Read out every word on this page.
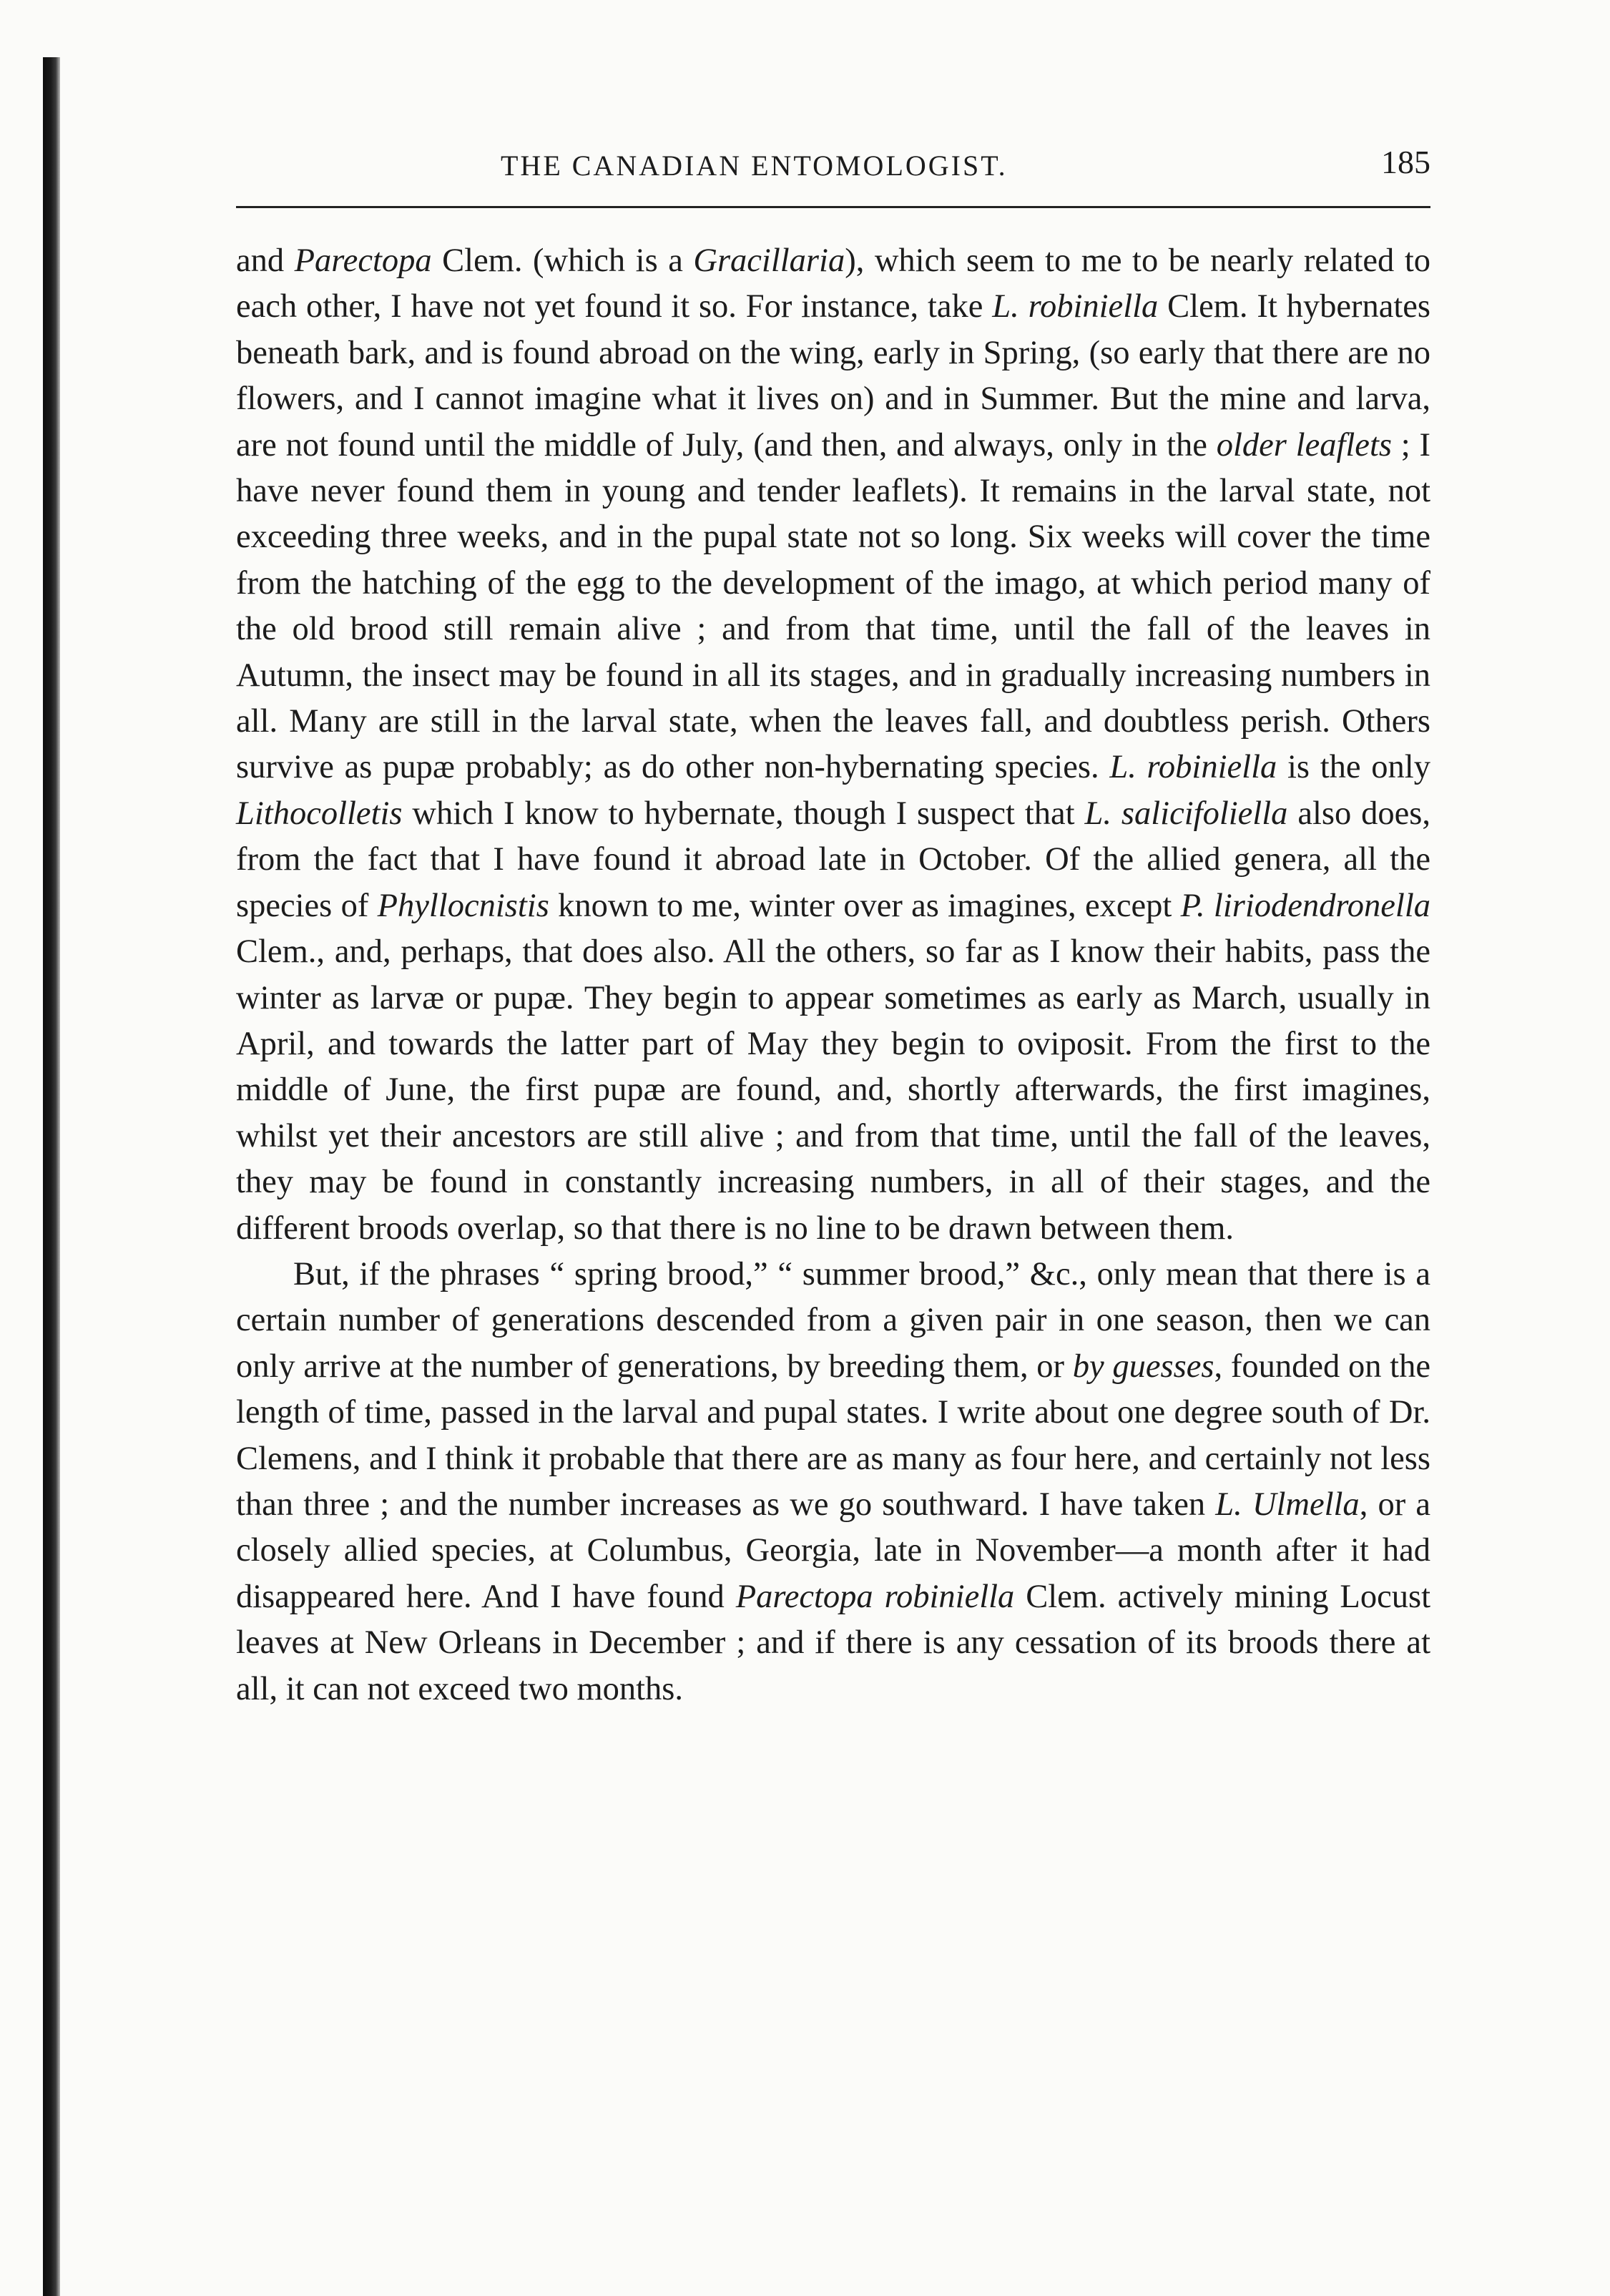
THE CANADIAN ENTOMOLOGIST.	185

and Parectopa Clem. (which is a Gracillaria), which seem to me to be nearly related to each other, I have not yet found it so. For instance, take L. robiniella Clem. It hybernates beneath bark, and is found abroad on the wing, early in Spring, (so early that there are no flowers, and I cannot imagine what it lives on) and in Summer. But the mine and larva, are not found until the middle of July, (and then, and always, only in the older leaflets ; I have never found them in young and tender leaflets). It remains in the larval state, not exceeding three weeks, and in the pupal state not so long. Six weeks will cover the time from the hatching of the egg to the development of the imago, at which period many of the old brood still remain alive ; and from that time, until the fall of the leaves in Autumn, the insect may be found in all its stages, and in gradually increasing numbers in all. Many are still in the larval state, when the leaves fall, and doubtless perish. Others survive as pupæ probably; as do other non-hybernating species. L. robiniella is the only Lithocolletis which I know to hybernate, though I suspect that L. salicifoliella also does, from the fact that I have found it abroad late in October. Of the allied genera, all the species of Phyllocnistis known to me, winter over as imagines, except P. liriodendronella Clem., and, perhaps, that does also. All the others, so far as I know their habits, pass the winter as larvæ or pupæ. They begin to appear sometimes as early as March, usually in April, and towards the latter part of May they begin to oviposit. From the first to the middle of June, the first pupæ are found, and, shortly afterwards, the first imagines, whilst yet their ancestors are still alive ; and from that time, until the fall of the leaves, they may be found in constantly increasing numbers, in all of their stages, and the different broods overlap, so that there is no line to be drawn between them.

But, if the phrases “ spring brood,” “ summer brood,” &c., only mean that there is a certain number of generations descended from a given pair in one season, then we can only arrive at the number of generations, by breeding them, or by guesses, founded on the length of time, passed in the larval and pupal states. I write about one degree south of Dr. Clemens, and I think it probable that there are as many as four here, and certainly not less than three ; and the number increases as we go southward. I have taken L. Ulmella, or a closely allied species, at Columbus, Georgia, late in November—a month after it had disappeared here. And I have found Parectopa robiniella Clem. actively mining Locust leaves at New Orleans in December ; and if there is any cessation of its broods there at all, it can not exceed two months.
